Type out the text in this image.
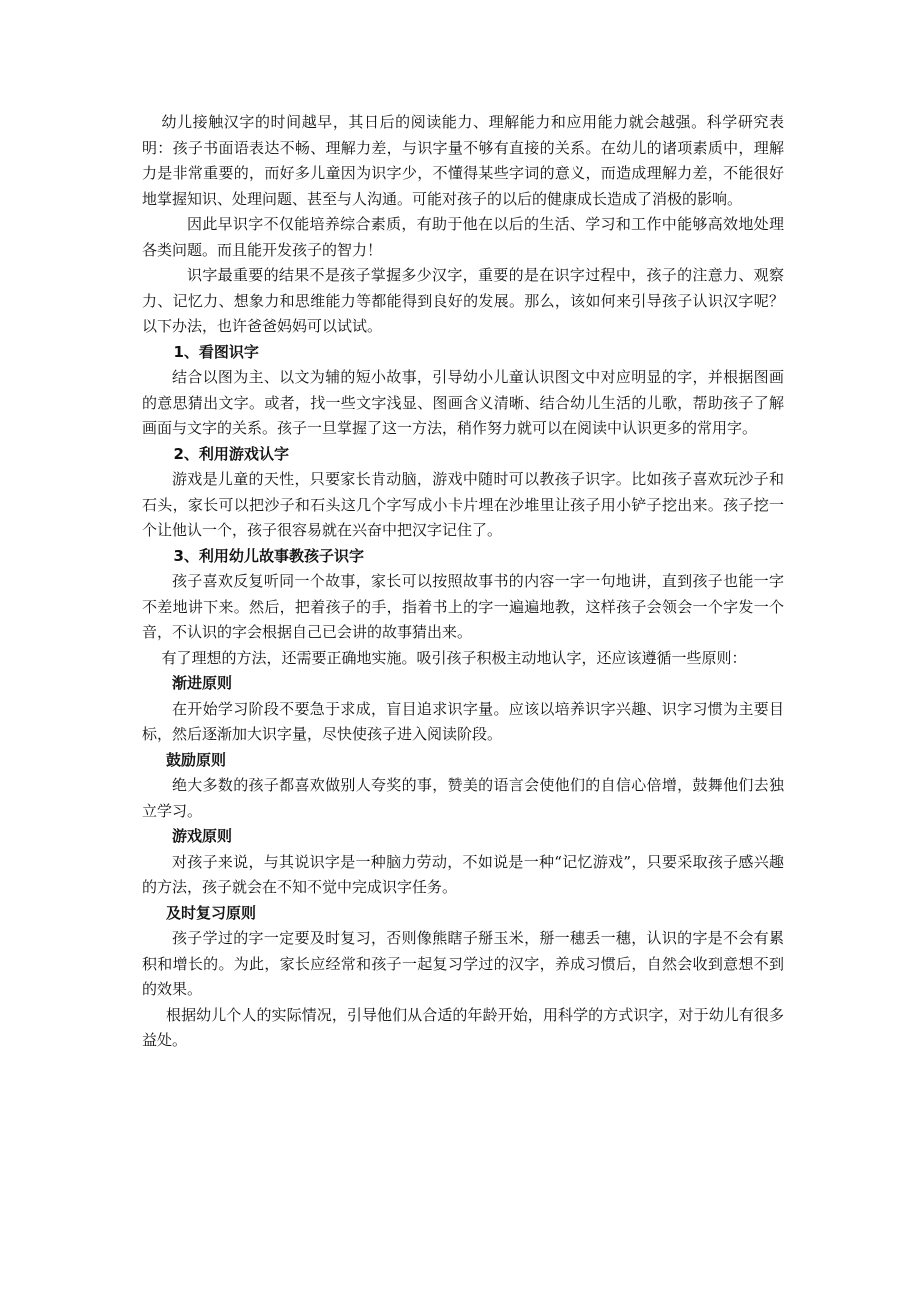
幼儿接触汉字的时间越早，其日后的阅读能力、理解能力和应用能力就会越强。科学研究表明：孩子书面语表达不畅、理解力差，与识字量不够有直接的关系。在幼儿的诸项素质中，理解力是非常重要的，而好多儿童因为识字少，不懂得某些字词的意义，而造成理解力差，不能很好地掌握知识、处理问题、甚至与人沟通。可能对孩子的以后的健康成长造成了消极的影响。

因此早识字不仅能培养综合素质，有助于他在以后的生活、学习和工作中能够高效地处理各类问题。而且能开发孩子的智力！

识字最重要的结果不是孩子掌握多少汉字，重要的是在识字过程中，孩子的注意力、观察力、记忆力、想象力和思维能力等都能得到良好的发展。那么，该如何来引导孩子认识汉字呢？以下办法，也许爸爸妈妈可以试试。

1、看图识字

结合以图为主、以文为辅的短小故事，引导幼小儿童认识图文中对应明显的字，并根据图画的意思猜出文字。或者，找一些文字浅显、图画含义清晰、结合幼儿生活的儿歌，帮助孩子了解画面与文字的关系。孩子一旦掌握了这一方法，稍作努力就可以在阅读中认识更多的常用字。

2、利用游戏认字

游戏是儿童的天性，只要家长肯动脑，游戏中随时可以教孩子识字。比如孩子喜欢玩沙子和石头，家长可以把沙子和石头这几个字写成小卡片埋在沙堆里让孩子用小铲子挖出来。孩子挖一个让他认一个，孩子很容易就在兴奋中把汉字记住了。

3、利用幼儿故事教孩子识字

孩子喜欢反复听同一个故事，家长可以按照故事书的内容一字一句地讲，直到孩子也能一字不差地讲下来。然后，把着孩子的手，指着书上的字一遍遍地教，这样孩子会领会一个字发一个音，不认识的字会根据自己已会讲的故事猜出来。

有了理想的方法，还需要正确地实施。吸引孩子积极主动地认字，还应该遵循一些原则：

渐进原则

在开始学习阶段不要急于求成，盲目追求识字量。应该以培养识字兴趣、识字习惯为主要目标，然后逐渐加大识字量，尽快使孩子进入阅读阶段。

鼓励原则

绝大多数的孩子都喜欢做别人夸奖的事，赞美的语言会使他们的自信心倍增，鼓舞他们去独立学习。

游戏原则

对孩子来说，与其说识字是一种脑力劳动，不如说是一种“记忆游戏”，只要采取孩子感兴趣的方法，孩子就会在不知不觉中完成识字任务。

及时复习原则

孩子学过的字一定要及时复习，否则像熊瞎子掰玉米，掰一穗丢一穗，认识的字是不会有累积和增长的。为此，家长应经常和孩子一起复习学过的汉字，养成习惯后，自然会收到意想不到的效果。

根据幼儿个人的实际情况，引导他们从合适的年龄开始，用科学的方式识字，对于幼儿有很多益处。
